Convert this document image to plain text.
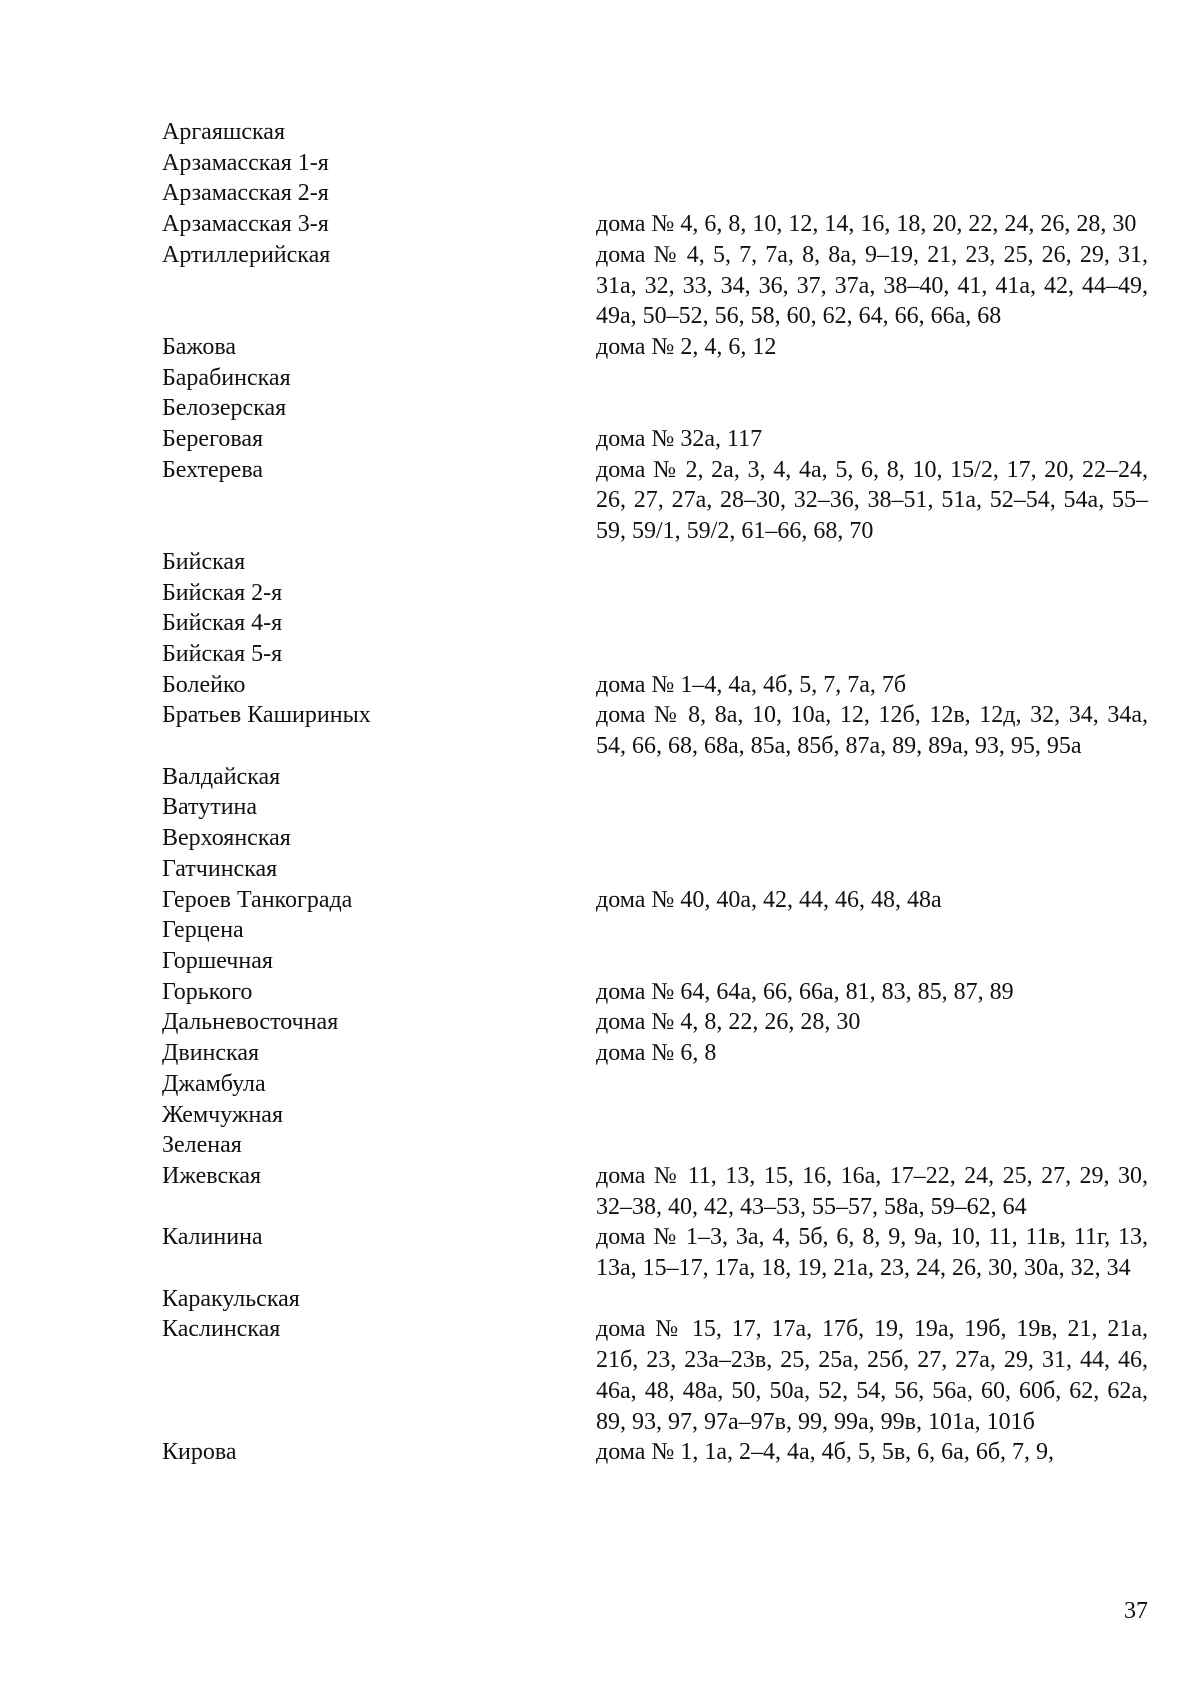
Аргаяшская
Арзамасская 1-я
Арзамасская 2-я
Арзамасская 3-я	дома № 4, 6, 8, 10, 12, 14, 16, 18, 20, 22, 24, 26, 28, 30
Артиллерийская	дома № 4, 5, 7, 7а, 8, 8а, 9–19, 21, 23, 25, 26, 29, 31, 31а, 32, 33, 34, 36, 37, 37а, 38–40, 41, 41а, 42, 44–49, 49а, 50–52, 56, 58, 60, 62, 64, 66, 66а, 68
Бажова	дома № 2, 4, 6, 12
Барабинская
Белозерская
Береговая	дома № 32а, 117
Бехтерева	дома № 2, 2а, 3, 4, 4а, 5, 6, 8, 10, 15/2, 17, 20, 22–24, 26, 27, 27а, 28–30, 32–36, 38–51, 51а, 52–54, 54а, 55–59, 59/1, 59/2, 61–66, 68, 70
Бийская
Бийская 2-я
Бийская 4-я
Бийская 5-я
Болейко	дома № 1–4, 4а, 4б, 5, 7, 7а, 7б
Братьев Кашириных	дома № 8, 8а, 10, 10а, 12, 12б, 12в, 12д, 32, 34, 34а, 54, 66, 68, 68а, 85а, 85б, 87а, 89, 89а, 93, 95, 95а
Валдайская
Ватутина
Верхоянская
Гатчинская
Героев Танкограда	дома № 40, 40а, 42, 44, 46, 48, 48а
Герцена
Горшечная
Горького	дома № 64, 64а, 66, 66а, 81, 83, 85, 87, 89
Дальневосточная	дома № 4, 8, 22, 26, 28, 30
Двинская	дома № 6, 8
Джамбула
Жемчужная
Зеленая
Ижевская	дома № 11, 13, 15, 16, 16а, 17–22, 24, 25, 27, 29, 30, 32–38, 40, 42, 43–53, 55–57, 58а, 59–62, 64
Калинина	дома № 1–3, 3а, 4, 5б, 6, 8, 9, 9а, 10, 11, 11в, 11г, 13, 13а, 15–17, 17а, 18, 19, 21а, 23, 24, 26, 30, 30а, 32, 34
Каракульская
Каслинская	дома № 15, 17, 17а, 17б, 19, 19а, 19б, 19в, 21, 21а, 21б, 23, 23а–23в, 25, 25а, 25б, 27, 27а, 29, 31, 44, 46, 46а, 48, 48а, 50, 50а, 52, 54, 56, 56а, 60, 60б, 62, 62а, 89, 93, 97, 97а–97в, 99, 99а, 99в, 101а, 101б
Кирова	дома № 1, 1а, 2–4, 4а, 4б, 5, 5в, 6, 6а, 6б, 7, 9,
37
